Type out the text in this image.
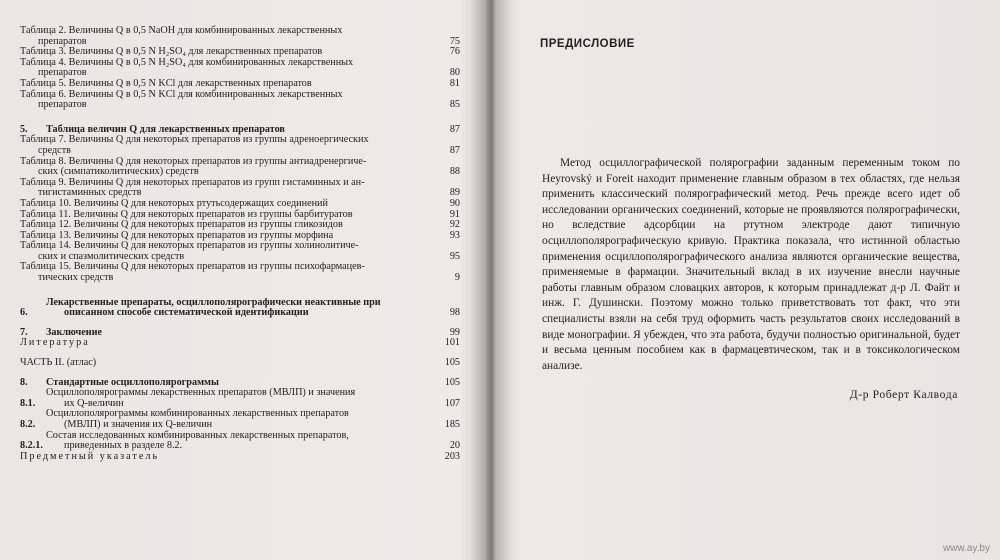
Таблица 2. Величины Q в 0,5 NaOH для комбинированных лекарственных
препаратов	75
Таблица 3. Величины Q в 0,5 N H₂SO₄ для лекарственных препаратов	76
Таблица 4. Величины Q в 0,5 N H₂SO₄ для комбинированных лекарственных
препаратов	80
Таблица 5. Величины Q в 0,5 N KCl для лекарственных препаратов	81
Таблица 6. Величины Q в 0,5 N KCl для комбинированных лекарственных
препаратов	85
5.	Таблица величин Q для лекарственных препаратов	87
Таблица 7. Величины Q для некоторых препаратов из группы адреноергических
средств	87
Таблица 8. Величины Q для некоторых препаратов из группы антиадренергиче-
ских (симпатиколитических) средств	88
Таблица 9. Величины Q для некоторых препаратов из групп гистаминных и ан-
тигистаминных средств	89
Таблица 10. Величины Q для некоторых ртутьсодержащих соединений	90
Таблица 11. Величины Q для некоторых препаратов из группы барбитуратов	91
Таблица 12. Величины Q для некоторых препаратов из группы гликозидов	92
Таблица 13. Величины Q для некоторых препаратов из группы морфина	93
Таблица 14. Величины Q для некоторых препаратов из группы холинолитиче-
ских и спазмолитических средств	95
Таблица 15. Величины Q для некоторых препаратов из группы психофармацев-
тических средств	9
6.
Лекарственные препараты, осциллополярографически неактивные при
описанном способе систематической идентификации	98
7.	Заключение	99
Литература	101
ЧАСТЬ II. (атлас)	105
8.	Стандартные осциллополярограммы	105
8.1.
Осциллополярограммы лекарственных препаратов (МВЛП) и значения
их Q-величин	107
8.2.
Осциллополярограммы комбинированных лекарственных препаратов
(МВЛП) и значения их Q-величин	185
8.2.1.
Состав исследованных комбинированных лекарственных препаратов,
приведенных в разделе 8.2.	20
Предметный указатель	203
ПРЕДИСЛОВИЕ

Метод осциллографической полярографии заданным переменным током по Heyrovský и Foreit находит применение главным образом в тех областях, где нельзя применить классический полярографический метод. Речь прежде всего идет об исследовании органических соединений, которые не проявляются полярографически, но вследствие адсорбции на ртутном электроде дают типичную осциллополярографическую кривую. Практика показала, что истинной областью применения осциллополярографического анализа являются органические вещества, применяемые в фармации. Значительный вклад в их изучение внесли научные работы главным образом словацких авторов, к которым принадлежат д-р Л. Файт и инж. Г. Душински. Поэтому можно только приветствовать тот факт, что эти специалисты взяли на себя труд оформить часть результатов своих исследований в виде монографии. Я убежден, что эта работа, будучи полностью оригинальной, будет и весьма ценным пособием как в фармацевтическом, так и в токсикологическом анализе.

Д-р Роберт Калвода
www.ay.by
